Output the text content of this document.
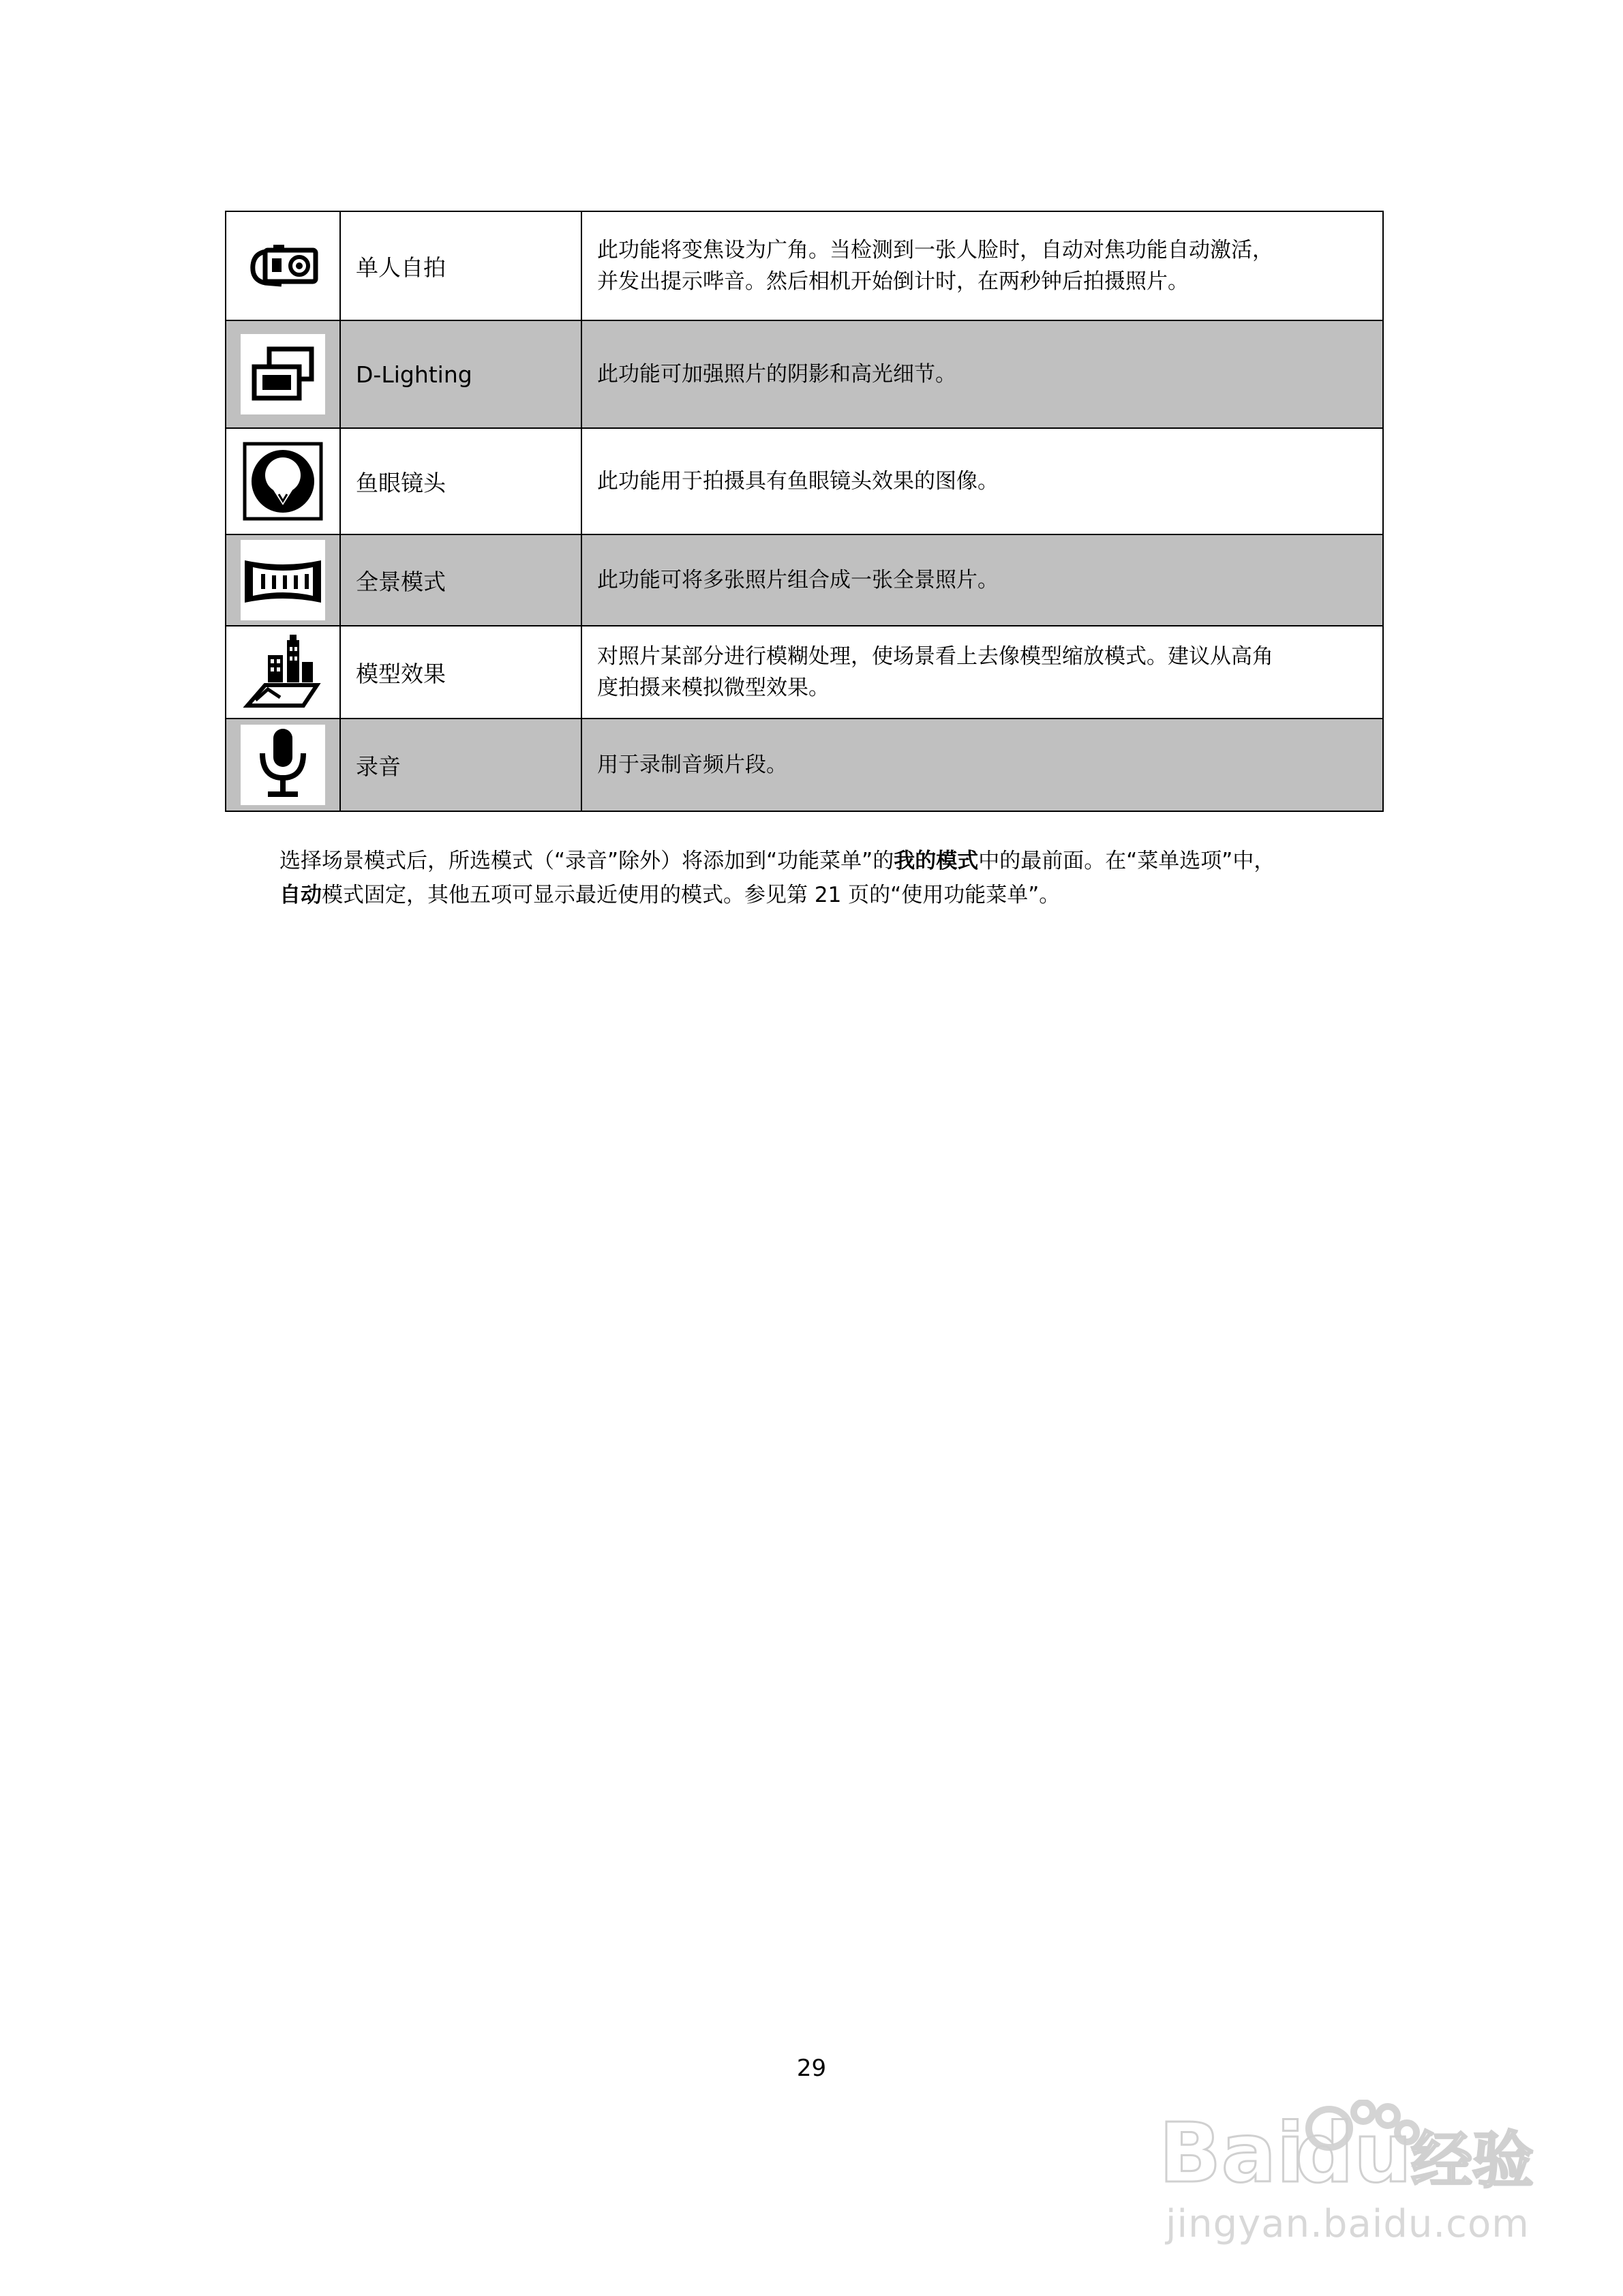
	单人自拍	此功能将变焦设为广角。当检测到一张人脸时，自动对焦功能自动激活，
并发出提示哔音。然后相机开始倒计时，在两秒钟后拍摄照片。

	D-Lighting	此功能可加强照片的阴影和高光细节。

	鱼眼镜头	此功能用于拍摄具有鱼眼镜头效果的图像。

	全景模式	此功能可将多张照片组合成一张全景照片。

	模型效果	对照片某部分进行模糊处理，使场景看上去像模型缩放模式。建议从高角
度拍摄来模拟微型效果。

	录音	用于录制音频片段。
选择场景模式后，所选模式（“录音”除外）将添加到“功能菜单”的我的模式中的最前面。在“菜单选项”中，
自动模式固定，其他五项可显示最近使用的模式。参见第 21 页的“使用功能菜单”。
29
Bai
du
经验
jingyan.baidu.com
